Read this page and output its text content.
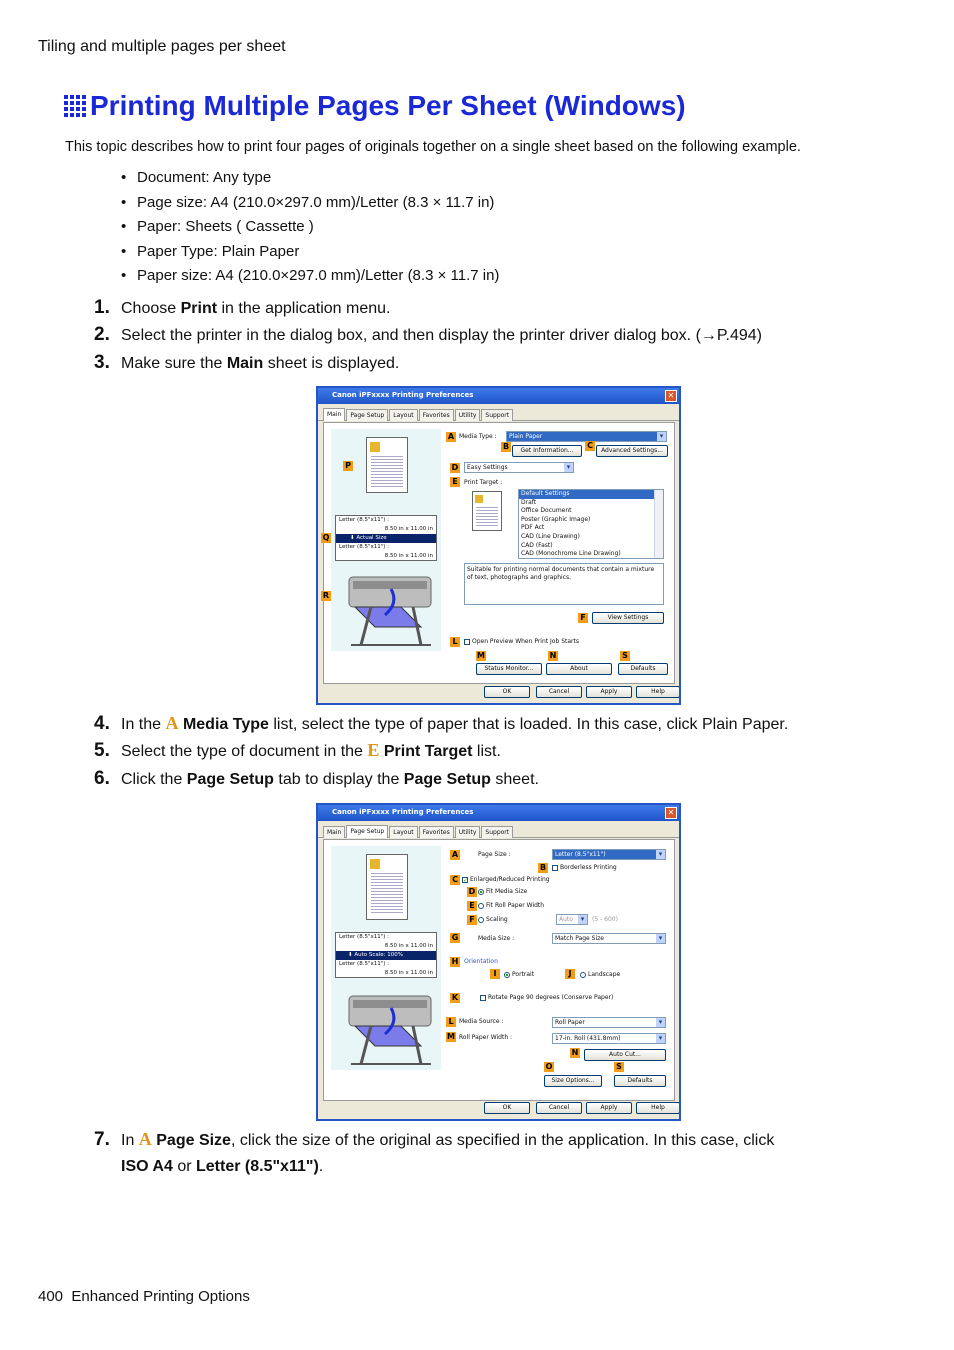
Tiling and multiple pages per sheet
Printing Multiple Pages Per Sheet (Windows)
This topic describes how to print four pages of originals together on a single sheet based on the following example.
• Document: Any type
• Page size: A4 (210.0×297.0 mm)/Letter (8.3 × 11.7 in)
• Paper: Sheets ( Cassette )
• Paper Type: Plain Paper
• Paper size: A4 (210.0×297.0 mm)/Letter (8.3 × 11.7 in)
1. Choose Print in the application menu.
2. Select the printer in the dialog box, and then display the printer driver dialog box. (→P.494)
3. Make sure the Main sheet is displayed.
Canon iPFxxxx Printing Preferences	✕
Main	Page Setup	Layout	Favorites	Utility	Support
Letter (8.5"x11") :
8.50 in x 11.00 in
⬇ Actual Size
Letter (8.5"x11") :
8.50 in x 11.00 in
P
Q
R
A Media Type :	Plain Paper ▾
B	Get Information...
C
Advanced Settings...
D	Easy Settings ▾
E	Print Target :
Default Settings
Draft
Office Document
Poster (Graphic Image)
PDF Act
CAD (Line Drawing)
CAD (Fast)
CAD (Monochrome Line Drawing)
Suitable for printing normal documents that contain a mixture of text, photographs and graphics.
F	View Settings
L	Open Preview When Print Job Starts
M	N	S
Status Monitor...	About	Defaults
OK	Cancel	Apply	Help
4. In the A Media Type list, select the type of paper that is loaded. In this case, click Plain Paper.
5. Select the type of document in the E Print Target list.
6. Click the Page Setup tab to display the Page Setup sheet.
Canon iPFxxxx Printing Preferences	✕
Main	Page Setup	Layout	Favorites	Utility	Support
Letter (8.5"x11") :
8.50 in x 11.00 in
⬇ Auto Scale: 100%
Letter (8.5"x11") :
8.50 in x 11.00 in
A	Page Size :	Letter (8.5"x11") ▾
B	Borderless Printing
C ✓ Enlarged/Reduced Printing
D	Fit Media Size
E	Fit Roll Paper Width
F	Scaling	Auto ▾	(5 - 600)
G	Media Size :	Match Page Size ▾
H Orientation
I	Portrait	J	Landscape
K	Rotate Page 90 degrees (Conserve Paper)
L Media Source :	Roll Paper ▾
M Roll Paper Width :	17-in. Roll (431.8mm) ▾
N	Auto Cut...
O	S
Size Options...	Defaults
OK	Cancel	Apply	Help
7. In A Page Size, click the size of the original as specified in the application. In this case, click
ISO A4 or Letter (8.5"x11").
400 Enhanced Printing Options
